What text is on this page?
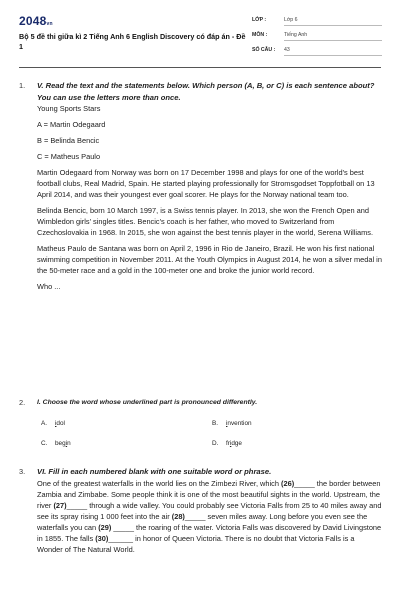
2048vn
Bộ 5 đề thi giữa kì 2 Tiếng Anh 6 English Discovery có đáp án - Đề 1
LỚP :	Lớp 6
MÔN :	Tiếng Anh
SỐ CÂU : 43
1. V. Read the text and the statements below. Which person (A, B, or C) is each sentence about? You can use the letters more than once.

Young Sports Stars

A = Martin Odegaard

B = Belinda Bencic

C = Matheus Paulo

Martin Odegaard from Norway was born on 17 December 1998 and plays for one of the world's best football clubs, Real Madrid, Spain. He started playing professionally for Stromsgodset Toppfotball on 13 April 2014, and was their youngest ever goal scorer. He plays for the Norway national team too.

Belinda Bencic, born 10 March 1997, is a Swiss tennis player. In 2013, she won the French Open and Wimbledon girls' singles titles. Bencic's coach is her father, who moved to Switzerland from Czechoslovakia in 1968. In 2015, she won against the best tennis player in the world, Serena Williams.

Matheus Paulo de Santana was born on April 2, 1996 in Rio de Janeiro, Brazil. He won his first national swimming competition in November 2011. At the Youth Olympics in August 2014, he won a silver medal in the 50-meter race and a gold in the 100-meter one and broke the junior world record.

Who ...

2. I. Choose the word whose underlined part is pronounced differently.
A. idol	B. invention
C. begin	D. fridge
3. VI. Fill in each numbered blank with one suitable word or phrase.

One of the greatest waterfalls in the world lies on the Zimbezi River, which (26)_____ the border between Zambia and Zimbabe. Some people think it is one of the most beautiful sights in the world. Upstream, the river (27)_____ through a wide valley. You could probably see Victoria Falls from 25 to 40 miles away and see its spray rising 1 000 feet into the air (28)_____ seven miles away. Long before you even see the waterfalls you can (29) _____ the roaring of the water. Victoria Falls was discovered by David Livingstone in 1855. The falls (30)______ in honor of Queen Victoria. There is no doubt that Victoria Falls is a Wonder of The Natural World.
